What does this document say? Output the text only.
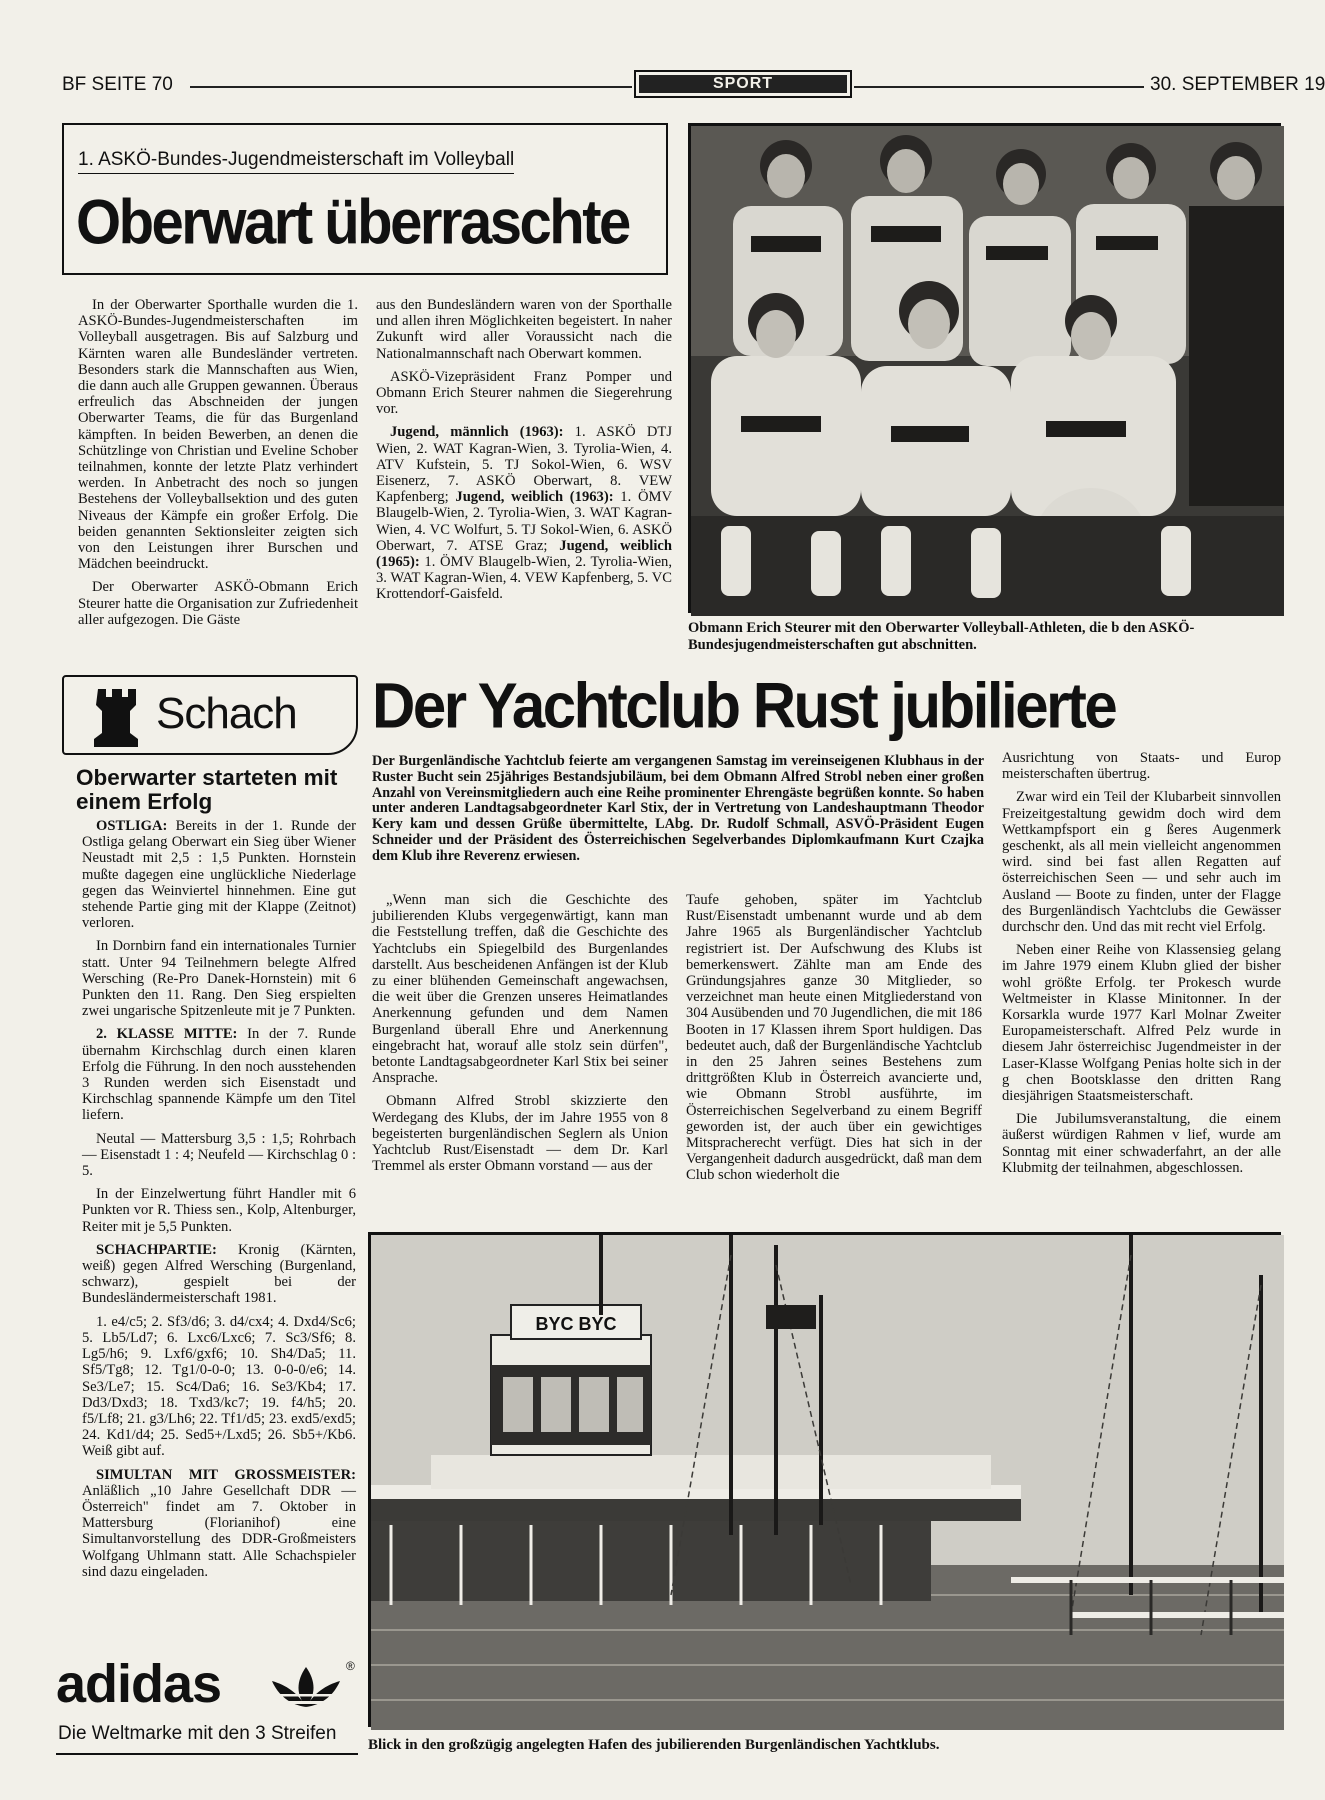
BF SEITE 70	SPORT	30. SEPTEMBER 19
1. ASKÖ-Bundes-Jugendmeisterschaft im Volleyball
Oberwart überraschte

In der Oberwarter Sporthalle wurden die 1. ASKÖ-Bundes-Jugendmeisterschaften im Volleyball ausgetragen. Bis auf Salzburg und Kärnten waren alle Bundesländer vertreten. Besonders stark die Mannschaften aus Wien, die dann auch alle Gruppen gewannen. Überaus erfreulich das Abschneiden der jungen Oberwarter Teams, die für das Burgenland kämpften. In beiden Bewerben, an denen die Schützlinge von Christian und Eveline Schober teilnahmen, konnte der letzte Platz verhindert werden. In Anbetracht des noch so jungen Bestehens der Volleyballsektion und des guten Niveaus der Kämpfe ein großer Erfolg. Die beiden genannten Sektionsleiter zeigten sich von den Leistungen ihrer Burschen und Mädchen beeindruckt.

Der Oberwarter ASKÖ-Obmann Erich Steurer hatte die Organisation zur Zufriedenheit aller aufgezogen. Die Gäste

aus den Bundesländern waren von der Sporthalle und allen ihren Möglichkeiten begeistert. In naher Zukunft wird aller Voraussicht nach die Nationalmannschaft nach Oberwart kommen.

ASKÖ-Vizepräsident Franz Pomper und Obmann Erich Steurer nahmen die Siegerehrung vor.

Jugend, männlich (1963): 1. ASKÖ DTJ Wien, 2. WAT Kagran-Wien, 3. Tyrolia-Wien, 4. ATV Kufstein, 5. TJ Sokol-Wien, 6. WSV Eisenerz, 7. ASKÖ Oberwart, 8. VEW Kapfenberg; Jugend, weiblich (1963): 1. ÖMV Blaugelb-Wien, 2. Tyrolia-Wien, 3. WAT Kagran-Wien, 4. VC Wolfurt, 5. TJ Sokol-Wien, 6. ASKÖ Oberwart, 7. ATSE Graz; Jugend, weiblich (1965): 1. ÖMV Blaugelb-Wien, 2. Tyrolia-Wien, 3. WAT Kagran-Wien, 4. VEW Kapfenberg, 5. VC Krottendorf-Gaisfeld.

Obmann Erich Steurer mit den Oberwarter Volleyball-Athleten, die b den ASKÖ-Bundesjugendmeisterschaften gut abschnitten.
Schach
Oberwarter starteten mit einem Erfolg

OSTLIGA: Bereits in der 1. Runde der Ostliga gelang Oberwart ein Sieg über Wiener Neustadt mit 2,5 : 1,5 Punkten. Hornstein mußte dagegen eine unglückliche Niederlage gegen das Weinviertel hinnehmen. Eine gut stehende Partie ging mit der Klappe (Zeitnot) verloren.

In Dornbirn fand ein internationales Turnier statt. Unter 94 Teilnehmern belegte Alfred Wersching (Re-Pro Danek-Hornstein) mit 6 Punkten den 11. Rang. Den Sieg erspielten zwei ungarische Spitzenleute mit je 7 Punkten.

2. KLASSE MITTE: In der 7. Runde übernahm Kirchschlag durch einen klaren Erfolg die Führung. In den noch ausstehenden 3 Runden werden sich Eisenstadt und Kirchschlag spannende Kämpfe um den Titel liefern.

Neutal — Mattersburg 3,5 : 1,5; Rohrbach — Eisenstadt 1 : 4; Neufeld — Kirchschlag 0 : 5.

In der Einzelwertung führt Handler mit 6 Punkten vor R. Thiess sen., Kolp, Altenburger, Reiter mit je 5,5 Punkten.

SCHACHPARTIE: Kronig (Kärnten, weiß) gegen Alfred Wersching (Burgenland, schwarz), gespielt bei der Bundesländermeisterschaft 1981.

1. e4/c5; 2. Sf3/d6; 3. d4/cx4; 4. Dxd4/Sc6; 5. Lb5/Ld7; 6. Lxc6/Lxc6; 7. Sc3/Sf6; 8. Lg5/h6; 9. Lxf6/gxf6; 10. Sh4/Da5; 11. Sf5/Tg8; 12. Tg1/0-0-0; 13. 0-0-0/e6; 14. Se3/Le7; 15. Sc4/Da6; 16. Se3/Kb4; 17. Dd3/Dxd3; 18. Txd3/kc7; 19. f4/h5; 20. f5/Lf8; 21. g3/Lh6; 22. Tf1/d5; 23. exd5/exd5; 24. Kd1/d4; 25. Sed5+/Lxd5; 26. Sb5+/Kb6. Weiß gibt auf.

SIMULTAN MIT GROSSMEISTER: Anläßlich „10 Jahre Gesellchaft DDR — Österreich" findet am 7. Oktober in Mattersburg (Florianihof) eine Simultanvorstellung des DDR-Großmeisters Wolfgang Uhlmann statt. Alle Schachspieler sind dazu eingeladen.

adidas	®
Die Weltmarke mit den 3 Streifen
Der Yachtclub Rust jubilierte
Der Burgenländische Yachtclub feierte am vergangenen Samstag im vereinseigenen Klubhaus in der Ruster Bucht sein 25jähriges Bestandsjubiläum, bei dem Obmann Alfred Strobl neben einer großen Anzahl von Vereinsmitgliedern auch eine Reihe prominenter Ehrengäste begrüßen konnte. So haben unter anderen Landtagsabgeordneter Karl Stix, der in Vertretung von Landeshauptmann Theodor Kery kam und dessen Grüße übermittelte, LAbg. Dr. Rudolf Schmall, ASVÖ-Präsident Eugen Schneider und der Präsident des Österreichischen Segelverbandes Diplomkaufmann Kurt Czajka dem Klub ihre Reverenz erwiesen.

„Wenn man sich die Geschichte des jubilierenden Klubs vergegenwärtigt, kann man die Feststellung treffen, daß die Geschichte des Yachtclubs ein Spiegelbild des Burgenlandes darstellt. Aus bescheidenen Anfängen ist der Klub zu einer blühenden Gemeinschaft angewachsen, die weit über die Grenzen unseres Heimatlandes Anerkennung gefunden und dem Namen Burgenland überall Ehre und Anerkennung eingebracht hat, worauf alle stolz sein dürfen", betonte Landtagsabgeordneter Karl Stix bei seiner Ansprache.

Obmann Alfred Strobl skizzierte den Werdegang des Klubs, der im Jahre 1955 von 8 begeisterten burgenländischen Seglern als Union Yachtclub Rust/Eisenstadt — dem Dr. Karl Tremmel als erster Obmann vorstand — aus der

Taufe gehoben, später im Yachtclub Rust/Eisenstadt umbenannt wurde und ab dem Jahre 1965 als Burgenländischer Yachtclub registriert ist. Der Aufschwung des Klubs ist bemerkenswert. Zählte man am Ende des Gründungsjahres ganze 30 Mitglieder, so verzeichnet man heute einen Mitgliederstand von 304 Ausübenden und 70 Jugendlichen, die mit 186 Booten in 17 Klassen ihrem Sport huldigen. Das bedeutet auch, daß der Burgenländische Yachtclub in den 25 Jahren seines Bestehens zum drittgrößten Klub in Österreich avancierte und, wie Obmann Strobl ausführte, im Österreichischen Segelverband zu einem Begriff geworden ist, der auch über ein gewichtiges Mitspracherecht verfügt. Dies hat sich in der Vergangenheit dadurch ausgedrückt, daß man dem Club schon wiederholt die

Ausrichtung von Staats- und Europ meisterschaften übertrug.

Zwar wird ein Teil der Klubarbeit sinnvollen Freizeitgestaltung gewidm doch wird dem Wettkampfsport ein g ßeres Augenmerk geschenkt, als all mein vielleicht angenommen wird. sind bei fast allen Regatten auf österreichischen Seen — und sehr auch im Ausland — Boote zu finden, unter der Flagge des Burgenländisch Yachtclubs die Gewässer durchschr den. Und das mit recht viel Erfolg.

Neben einer Reihe von Klassensieg gelang im Jahre 1979 einem Klubn glied der bisher wohl größte Erfolg. ter Prokesch wurde Weltmeister in Klasse Minitonner. In der Korsarkla wurde 1977 Karl Molnar Zweiter Europameisterschaft. Alfred Pelz wurde in diesem Jahr österreichisc Jugendmeister in der Laser-Klasse Wolfgang Penias holte sich in der g chen Bootsklasse den dritten Rang diesjährigen Staatsmeisterschaft.

Die Jubilumsveranstaltung, die einem äußerst würdigen Rahmen v lief, wurde am Sonntag mit einer schwaderfahrt, an der alle Klubmitg der teilnahmen, abgeschlossen.

BYC BYC
Blick in den großzügig angelegten Hafen des jubilierenden Burgenländischen Yachtklubs.
